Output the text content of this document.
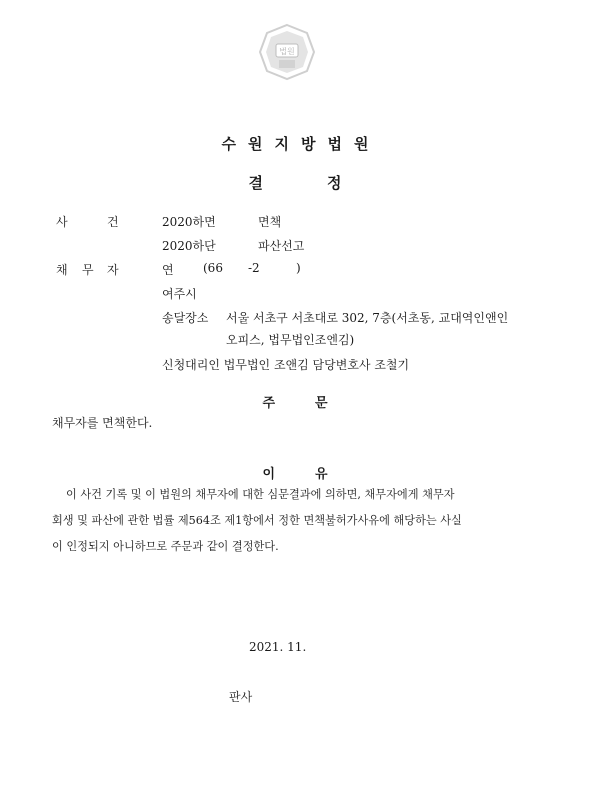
법원
수원지방법원
결	정
사	건	2020하면	면책
2020하단	파산선고
채 무 자	연 (66 -2	)
여주시
송달장소 서울 서초구 서초대로 302, 7층(서초동, 교대역인앤인
오피스, 법무법인조엔김)
신청대리인 법무법인 조앤김 담당변호사 조철기
주	문
채무자를 면책한다.
이	유
이 사건 기록 및 이 법원의 채무자에 대한 심문결과에 의하면, 채무자에게 채무자
회생 및 파산에 관한 법률 제564조 제1항에서 정한 면책불허가사유에 해당하는 사실
이 인정되지 아니하므로 주문과 같이 결정한다.
2021. 11.
판사
